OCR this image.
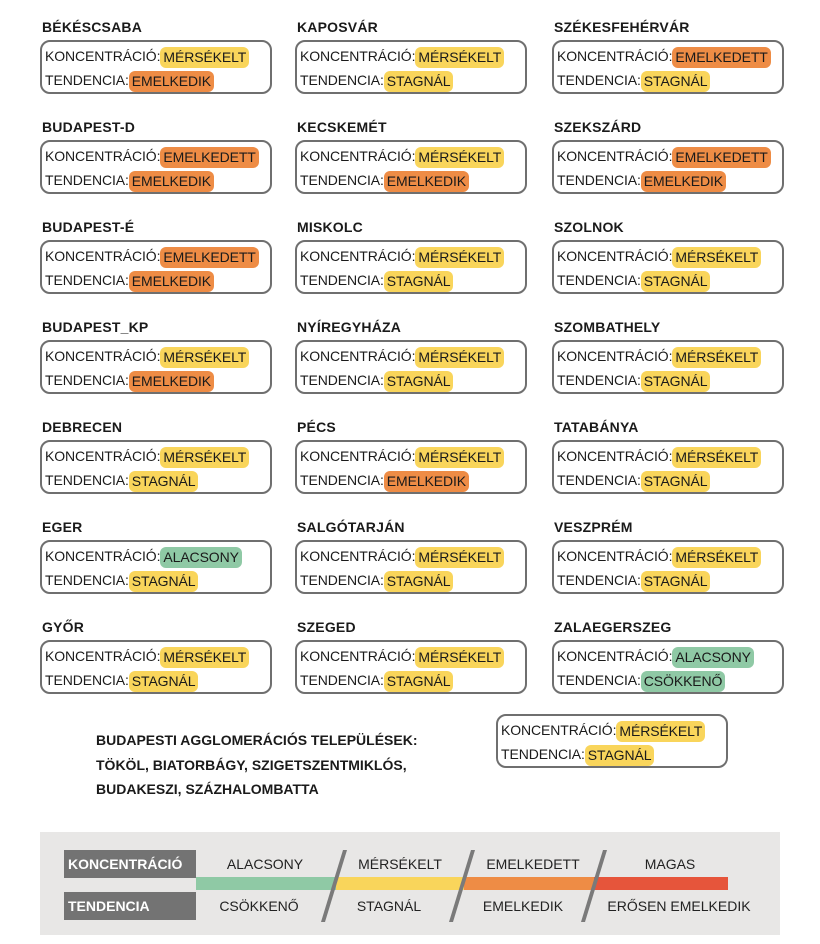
BÉKÉSCSABA
KONCENTRÁCIÓ: MÉRSÉKELT
TENDENCIA: EMELKEDIK
BUDAPEST-D
KONCENTRÁCIÓ: EMELKEDETT
TENDENCIA: EMELKEDIK
BUDAPEST-É
KONCENTRÁCIÓ: EMELKEDETT
TENDENCIA: EMELKEDIK
BUDAPEST_KP
KONCENTRÁCIÓ: MÉRSÉKELT
TENDENCIA: EMELKEDIK
DEBRECEN
KONCENTRÁCIÓ: MÉRSÉKELT
TENDENCIA: STAGNÁL
EGER
KONCENTRÁCIÓ: ALACSONY
TENDENCIA: STAGNÁL
GYŐR
KONCENTRÁCIÓ: MÉRSÉKELT
TENDENCIA: STAGNÁL
KAPOSVÁR
KONCENTRÁCIÓ: MÉRSÉKELT
TENDENCIA: STAGNÁL
KECSKEMÉT
KONCENTRÁCIÓ: MÉRSÉKELT
TENDENCIA: EMELKEDIK
MISKOLC
KONCENTRÁCIÓ: MÉRSÉKELT
TENDENCIA: STAGNÁL
NYÍREGYHÁZA
KONCENTRÁCIÓ: MÉRSÉKELT
TENDENCIA: STAGNÁL
PÉCS
KONCENTRÁCIÓ: MÉRSÉKELT
TENDENCIA: EMELKEDIK
SALGÓTARJÁN
KONCENTRÁCIÓ: MÉRSÉKELT
TENDENCIA: STAGNÁL
SZEGED
KONCENTRÁCIÓ: MÉRSÉKELT
TENDENCIA: STAGNÁL
SZÉKESFEHÉRVÁR
KONCENTRÁCIÓ: EMELKEDETT
TENDENCIA: STAGNÁL
SZEKSZÁRD
KONCENTRÁCIÓ: EMELKEDETT
TENDENCIA: EMELKEDIK
SZOLNOK
KONCENTRÁCIÓ: MÉRSÉKELT
TENDENCIA: STAGNÁL
SZOMBATHELY
KONCENTRÁCIÓ: MÉRSÉKELT
TENDENCIA: STAGNÁL
TATABÁNYA
KONCENTRÁCIÓ: MÉRSÉKELT
TENDENCIA: STAGNÁL
VESZPRÉM
KONCENTRÁCIÓ: MÉRSÉKELT
TENDENCIA: STAGNÁL
ZALAEGERSZEG
KONCENTRÁCIÓ: ALACSONY
TENDENCIA: CSÖKKENŐ
BUDAPESTI AGGLOMERÁCIÓS TELEPÜLÉSEK:
TÖKÖL, BIATORBÁGY, SZIGETSZENTMIKLÓS,
BUDAKESZI, SZÁZHALOMBATTA
KONCENTRÁCIÓ: MÉRSÉKELT
TENDENCIA: STAGNÁL
KONCENTRÁCIÓ
TENDENCIA
ALACSONY	MÉRSÉKELT	EMELKEDETT	MAGAS
CSÖKKENŐ	STAGNÁL	EMELKEDIK	ERŐSEN EMELKEDIK
